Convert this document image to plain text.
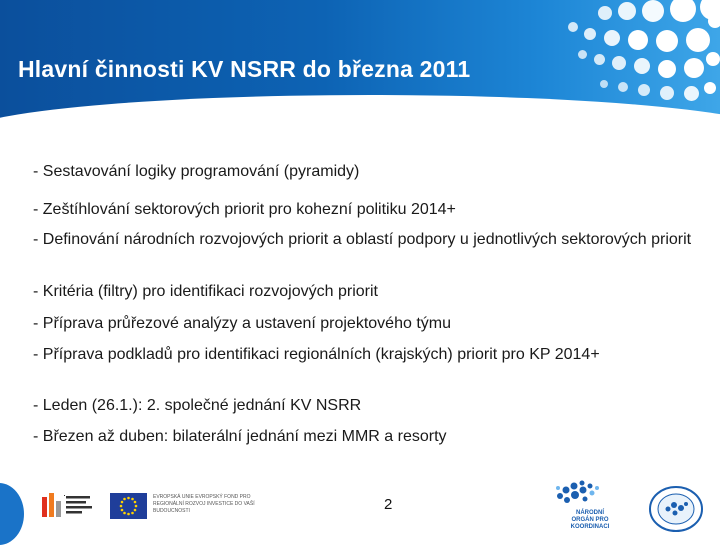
Hlavní činnosti KV NSRR do března 2011
- Sestavování logiky programování (pyramidy)
- Zeštíhlování sektorových priorit pro kohezní politiku 2014+
- Definování národních rozvojových priorit a oblastí podpory u jednotlivých sektorových priorit
- Kritéria (filtry) pro identifikaci rozvojových priorit
- Příprava průřezové analýzy a ustavení projektového týmu
- Příprava podkladů pro identifikaci regionálních (krajských) priorit pro KP 2014+
- Leden (26.1.): 2. společné jednání KV NSRR
- Březen až duben: bilaterální jednání mezi MMR a resorty
EVROPSKÁ UNIE EVROPSKÝ FOND PRO REGIONÁLNÍ ROZVOJ INVESTICE DO VAŠÍ BUDOUCNOSTI	2	NÁRODNÍ ORGÁN PRO KOORDINACI
